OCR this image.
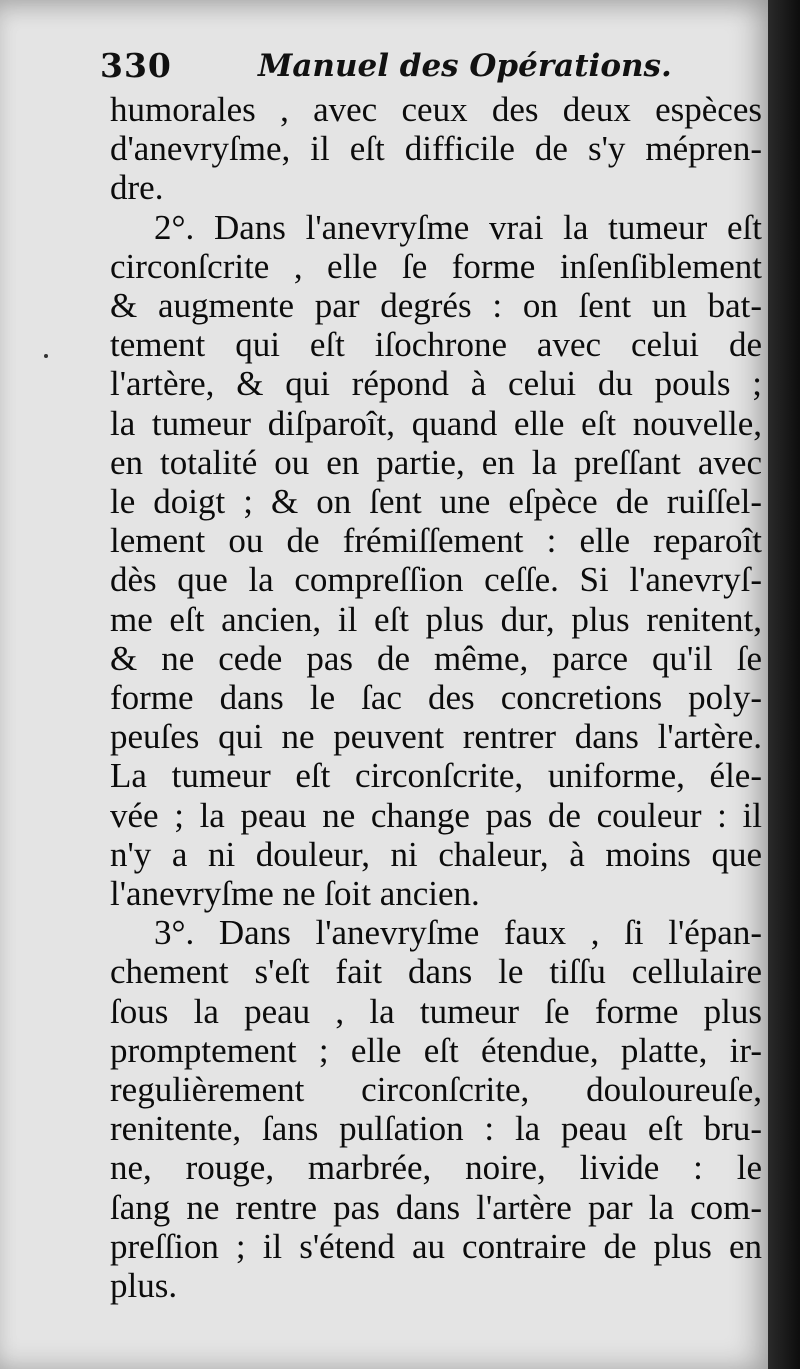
330	Manuel des Opérations.
humorales , avec ceux des deux espèces
d'anevryſme, il eſt difficile de s'y mépren-
dre.
2°. Dans l'anevryſme vrai la tumeur eſt
circonſcrite , elle ſe forme inſenſiblement
& augmente par degrés : on ſent un bat-
tement qui eſt iſochrone avec celui de
l'artère, & qui répond à celui du pouls ;
la tumeur diſparoît, quand elle eſt nouvelle,
en totalité ou en partie, en la preſſant avec
le doigt ; & on ſent une eſpèce de ruiſſel-
lement ou de frémiſſement : elle reparoît
dès que la compreſſion ceſſe. Si l'anevryſ-
me eſt ancien, il eſt plus dur, plus renitent,
& ne cede pas de même, parce qu'il ſe
forme dans le ſac des concretions poly-
peuſes qui ne peuvent rentrer dans l'artère.
La tumeur eſt circonſcrite, uniforme, éle-
vée ; la peau ne change pas de couleur : il
n'y a ni douleur, ni chaleur, à moins que
l'anevryſme ne ſoit ancien.
3°. Dans l'anevryſme faux , ſi l'épan-
chement s'eſt fait dans le tiſſu cellulaire
ſous la peau , la tumeur ſe forme plus
promptement ; elle eſt étendue, platte, ir-
regulièrement circonſcrite, douloureuſe,
renitente, ſans pulſation : la peau eſt bru-
ne, rouge, marbrée, noire, livide : le
ſang ne rentre pas dans l'artère par la com-
preſſion ; il s'étend au contraire de plus en
plus.
